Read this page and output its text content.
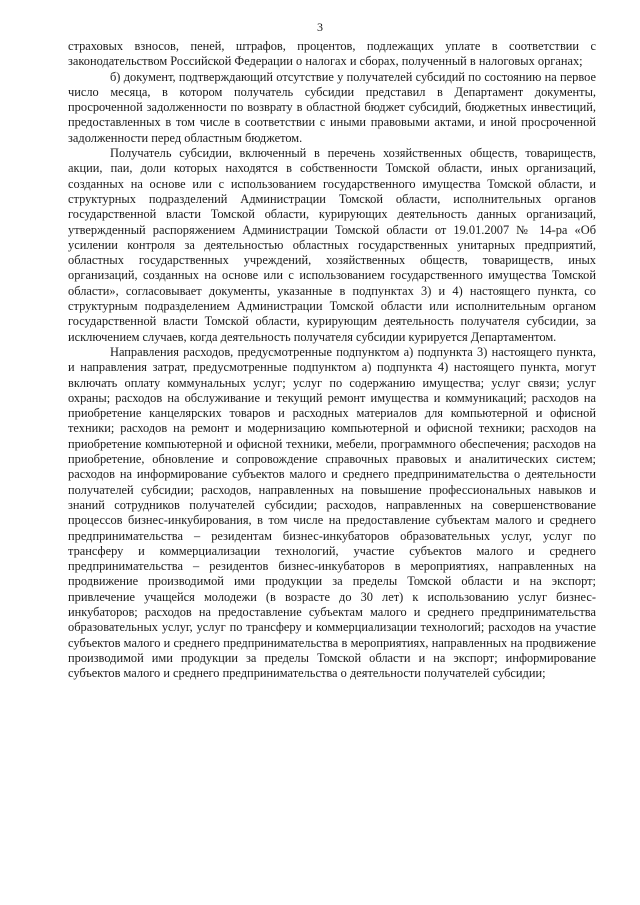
3

страховых взносов, пеней, штрафов, процентов, подлежащих уплате в соответствии с законодательством Российской Федерации о налогах и сборах, полученный в налоговых органах;

б) документ, подтверждающий отсутствие у получателей субсидий по состоянию на первое число месяца, в котором получатель субсидии представил в Департамент документы, просроченной задолженности по возврату в областной бюджет субсидий, бюджетных инвестиций, предоставленных в том числе в соответствии с иными правовыми актами, и иной просроченной задолженности перед областным бюджетом.

Получатель субсидии, включенный в перечень хозяйственных обществ, товариществ, акции, паи, доли которых находятся в собственности Томской области, иных организаций, созданных на основе или с использованием государственного имущества Томской области, и структурных подразделений Администрации Томской области, исполнительных органов государственной власти Томской области, курирующих деятельность данных организаций, утвержденный распоряжением Администрации Томской области от 19.01.2007 № 14-ра «Об усилении контроля за деятельностью областных государственных унитарных предприятий, областных государственных учреждений, хозяйственных обществ, товариществ, иных организаций, созданных на основе или с использованием государственного имущества Томской области», согласовывает документы, указанные в подпунктах 3) и 4) настоящего пункта, со структурным подразделением Администрации Томской области или исполнительным органом государственной власти Томской области, курирующим деятельность получателя субсидии, за исключением случаев, когда деятельность получателя субсидии курируется Департаментом.

Направления расходов, предусмотренные подпунктом а) подпункта 3) настоящего пункта, и направления затрат, предусмотренные подпунктом а) подпункта 4) настоящего пункта, могут включать оплату коммунальных услуг; услуг по содержанию имущества; услуг связи; услуг охраны; расходов на обслуживание и текущий ремонт имущества и коммуникаций; расходов на приобретение канцелярских товаров и расходных материалов для компьютерной и офисной техники; расходов на ремонт и модернизацию компьютерной и офисной техники; расходов на приобретение компьютерной и офисной техники, мебели, программного обеспечения; расходов на приобретение, обновление и сопровождение справочных правовых и аналитических систем; расходов на информирование субъектов малого и среднего предпринимательства о деятельности получателей субсидии; расходов, направленных на повышение профессиональных навыков и знаний сотрудников получателей субсидии; расходов, направленных на совершенствование процессов бизнес-инкубирования, в том числе на предоставление субъектам малого и среднего предпринимательства – резидентам бизнес-инкубаторов образовательных услуг, услуг по трансферу и коммерциализации технологий, участие субъектов малого и среднего предпринимательства – резидентов бизнес-инкубаторов в мероприятиях, направленных на продвижение производимой ими продукции за пределы Томской области и на экспорт; привлечение учащейся молодежи (в возрасте до 30 лет) к использованию услуг бизнес-инкубаторов; расходов на предоставление субъектам малого и среднего предпринимательства образовательных услуг, услуг по трансферу и коммерциализации технологий; расходов на участие субъектов малого и среднего предпринимательства в мероприятиях, направленных на продвижение производимой ими продукции за пределы Томской области и на экспорт; информирование субъектов малого и среднего предпринимательства о деятельности получателей субсидии;
